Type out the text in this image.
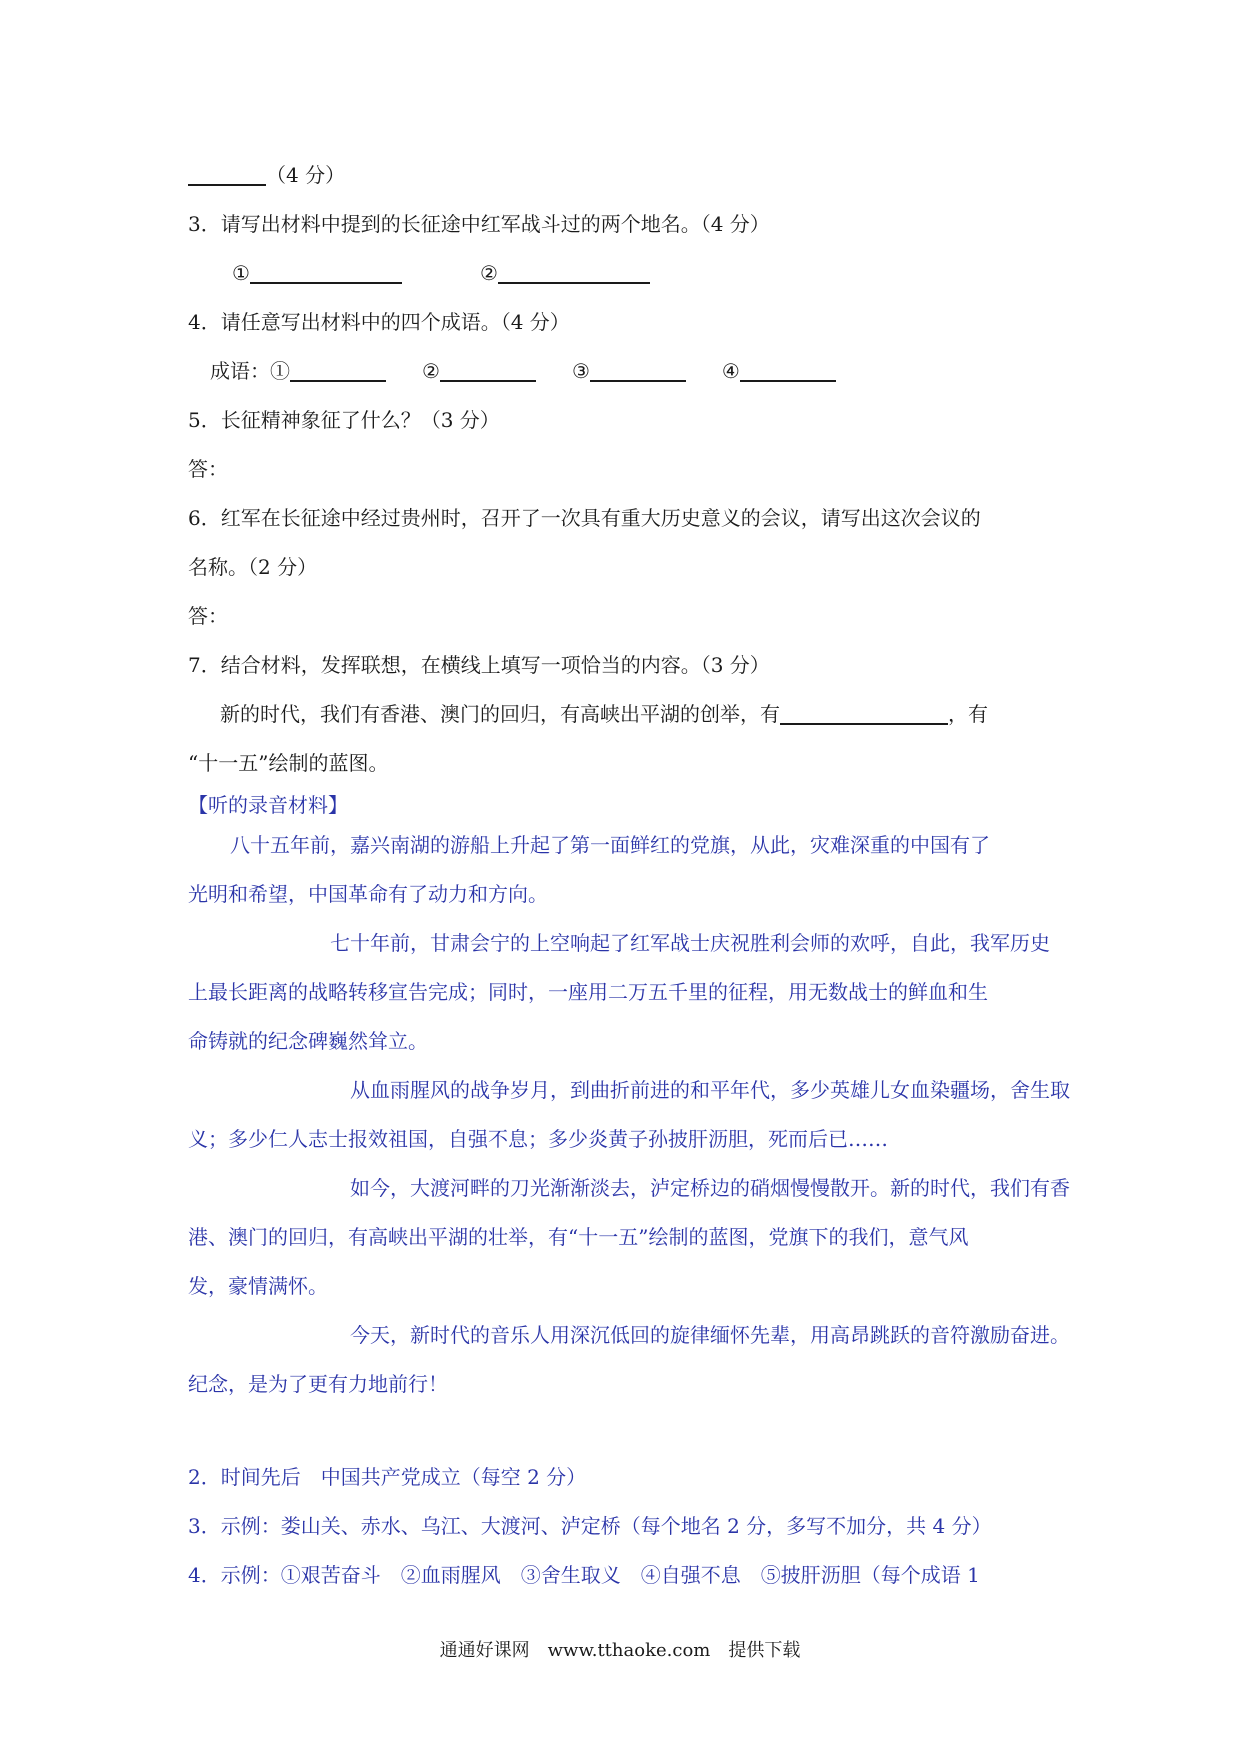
（4 分）
3．请写出材料中提到的长征途中红军战斗过的两个地名。（4 分）
①	②
4．请任意写出材料中的四个成语。（4 分）
成语：①	②	③	④
5．长征精神象征了什么？（3 分）
答：
6．红军在长征途中经过贵州时，召开了一次具有重大历史意义的会议，请写出这次会议的
名称。（2 分）
答：
7．结合材料，发挥联想，在横线上填写一项恰当的内容。（3 分）
新的时代，我们有香港、澳门的回归，有高峡出平湖的创举，有	，有
“十一五”绘制的蓝图。
【听的录音材料】
八十五年前，嘉兴南湖的游船上升起了第一面鲜红的党旗，从此，灾难深重的中国有了
光明和希望，中国革命有了动力和方向。
七十年前，甘肃会宁的上空响起了红军战士庆祝胜利会师的欢呼，自此，我军历史
上最长距离的战略转移宣告完成；同时，一座用二万五千里的征程，用无数战士的鲜血和生
命铸就的纪念碑巍然耸立。
从血雨腥风的战争岁月，到曲折前进的和平年代，多少英雄儿女血染疆场，舍生取
义；多少仁人志士报效祖国，自强不息；多少炎黄子孙披肝沥胆，死而后已……
如今，大渡河畔的刀光渐渐淡去，泸定桥边的硝烟慢慢散开。新的时代，我们有香
港、澳门的回归，有高峡出平湖的壮举，有“十一五”绘制的蓝图，党旗下的我们，意气风
发，豪情满怀。
今天，新时代的音乐人用深沉低回的旋律缅怀先辈，用高昂跳跃的音符激励奋进。
纪念，是为了更有力地前行！
2．时间先后　中国共产党成立（每空 2 分）
3．示例：娄山关、赤水、乌江、大渡河、泸定桥（每个地名 2 分，多写不加分，共 4 分）
4．示例：①艰苦奋斗　②血雨腥风　③舍生取义　④自强不息　⑤披肝沥胆（每个成语 1
通通好课网　www.tthaoke.com　提供下载
